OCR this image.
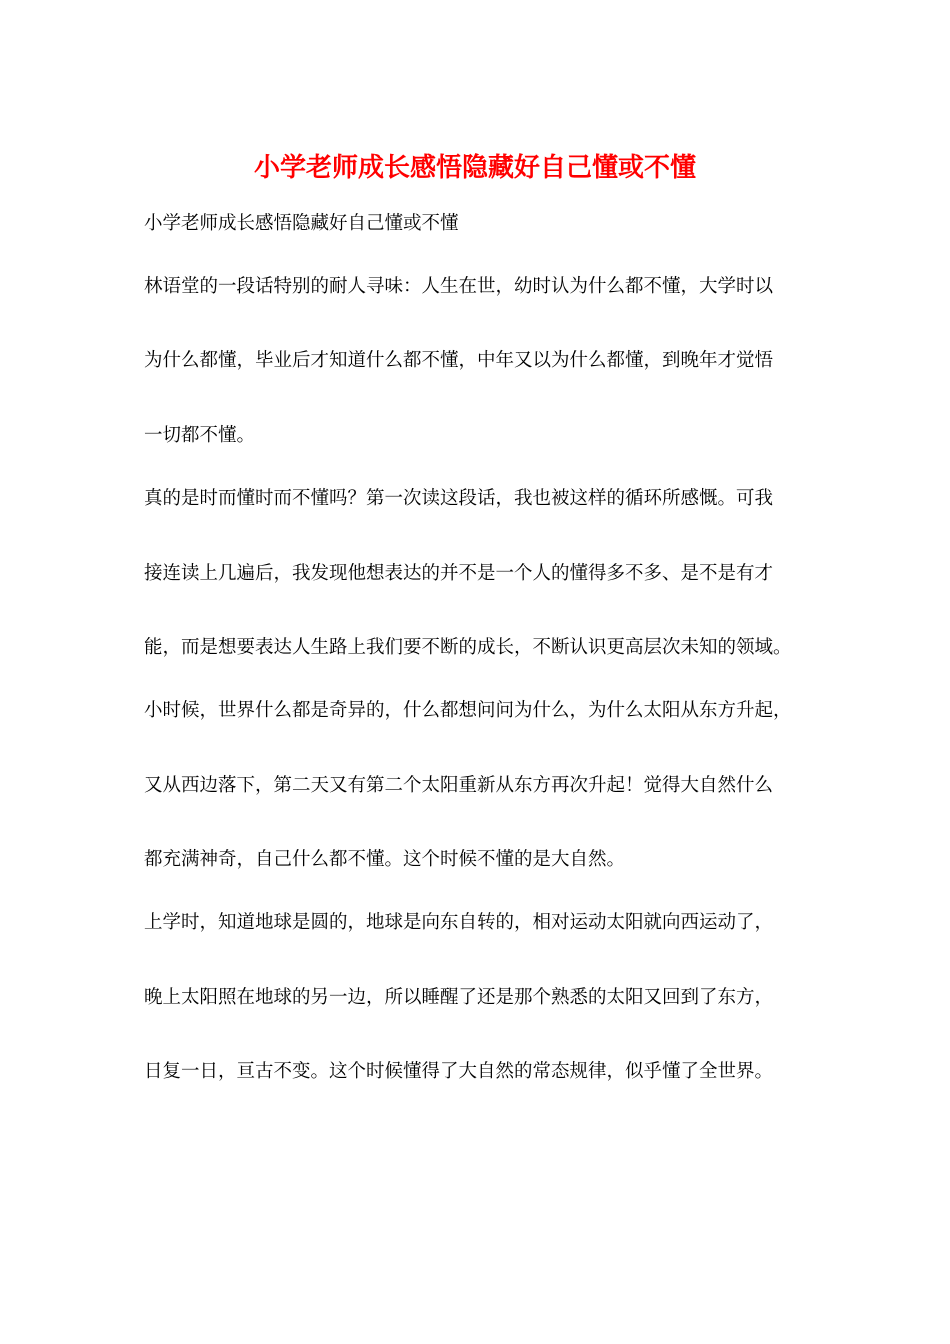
小学老师成长感悟隐藏好自己懂或不懂

小学老师成长感悟隐藏好自己懂或不懂

林语堂的一段话特别的耐人寻味：人生在世，幼时认为什么都不懂，大学时以

为什么都懂，毕业后才知道什么都不懂，中年又以为什么都懂，到晚年才觉悟

一切都不懂。

真的是时而懂时而不懂吗？第一次读这段话，我也被这样的循环所感慨。可我

接连读上几遍后，我发现他想表达的并不是一个人的懂得多不多、是不是有才

能，而是想要表达人生路上我们要不断的成长，不断认识更高层次未知的领域。

小时候，世界什么都是奇异的，什么都想问问为什么，为什么太阳从东方升起，

又从西边落下，第二天又有第二个太阳重新从东方再次升起！觉得大自然什么

都充满神奇，自己什么都不懂。这个时候不懂的是大自然。

上学时，知道地球是圆的，地球是向东自转的，相对运动太阳就向西运动了，

晚上太阳照在地球的另一边，所以睡醒了还是那个熟悉的太阳又回到了东方，

日复一日，亘古不变。这个时候懂得了大自然的常态规律，似乎懂了全世界。
